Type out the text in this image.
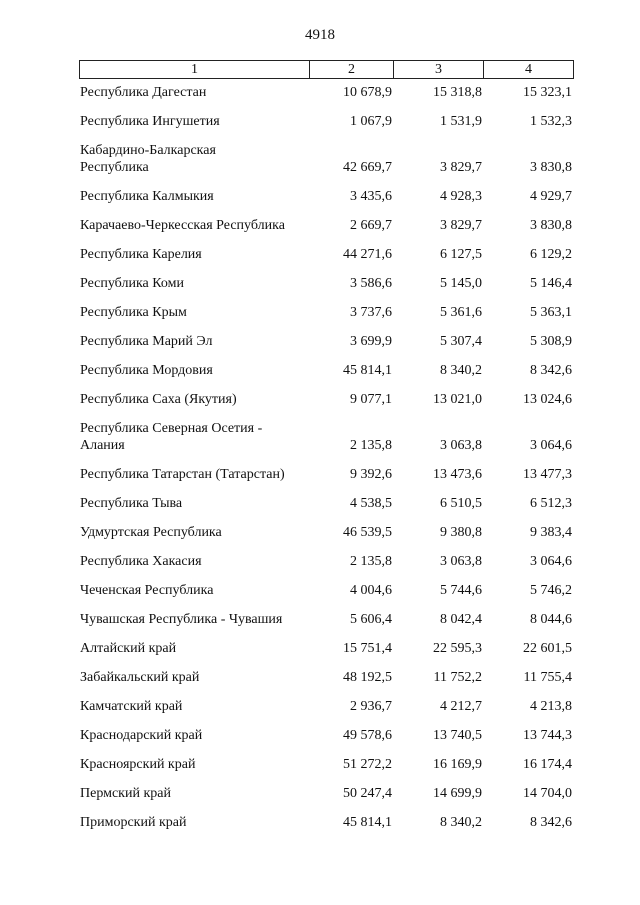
4918
1	2	3	4
Республика Дагестан	10 678,9	15 318,8	15 323,1
Республика Ингушетия	1 067,9	1 531,9	1 532,3
Кабардино-Балкарская
Республика	42 669,7	3 829,7	3 830,8
Республика Калмыкия	3 435,6	4 928,3	4 929,7
Карачаево-Черкесская Республика	2 669,7	3 829,7	3 830,8
Республика Карелия	44 271,6	6 127,5	6 129,2
Республика Коми	3 586,6	5 145,0	5 146,4
Республика Крым	3 737,6	5 361,6	5 363,1
Республика Марий Эл	3 699,9	5 307,4	5 308,9
Республика Мордовия	45 814,1	8 340,2	8 342,6
Республика Саха (Якутия)	9 077,1	13 021,0	13 024,6
Республика Северная Осетия -
Алания	2 135,8	3 063,8	3 064,6
Республика Татарстан (Татарстан)	9 392,6	13 473,6	13 477,3
Республика Тыва	4 538,5	6 510,5	6 512,3
Удмуртская Республика	46 539,5	9 380,8	9 383,4
Республика Хакасия	2 135,8	3 063,8	3 064,6
Чеченская Республика	4 004,6	5 744,6	5 746,2
Чувашская Республика - Чувашия	5 606,4	8 042,4	8 044,6
Алтайский край	15 751,4	22 595,3	22 601,5
Забайкальский край	48 192,5	11 752,2	11 755,4
Камчатский край	2 936,7	4 212,7	4 213,8
Краснодарский край	49 578,6	13 740,5	13 744,3
Красноярский край	51 272,2	16 169,9	16 174,4
Пермский край	50 247,4	14 699,9	14 704,0
Приморский край	45 814,1	8 340,2	8 342,6
